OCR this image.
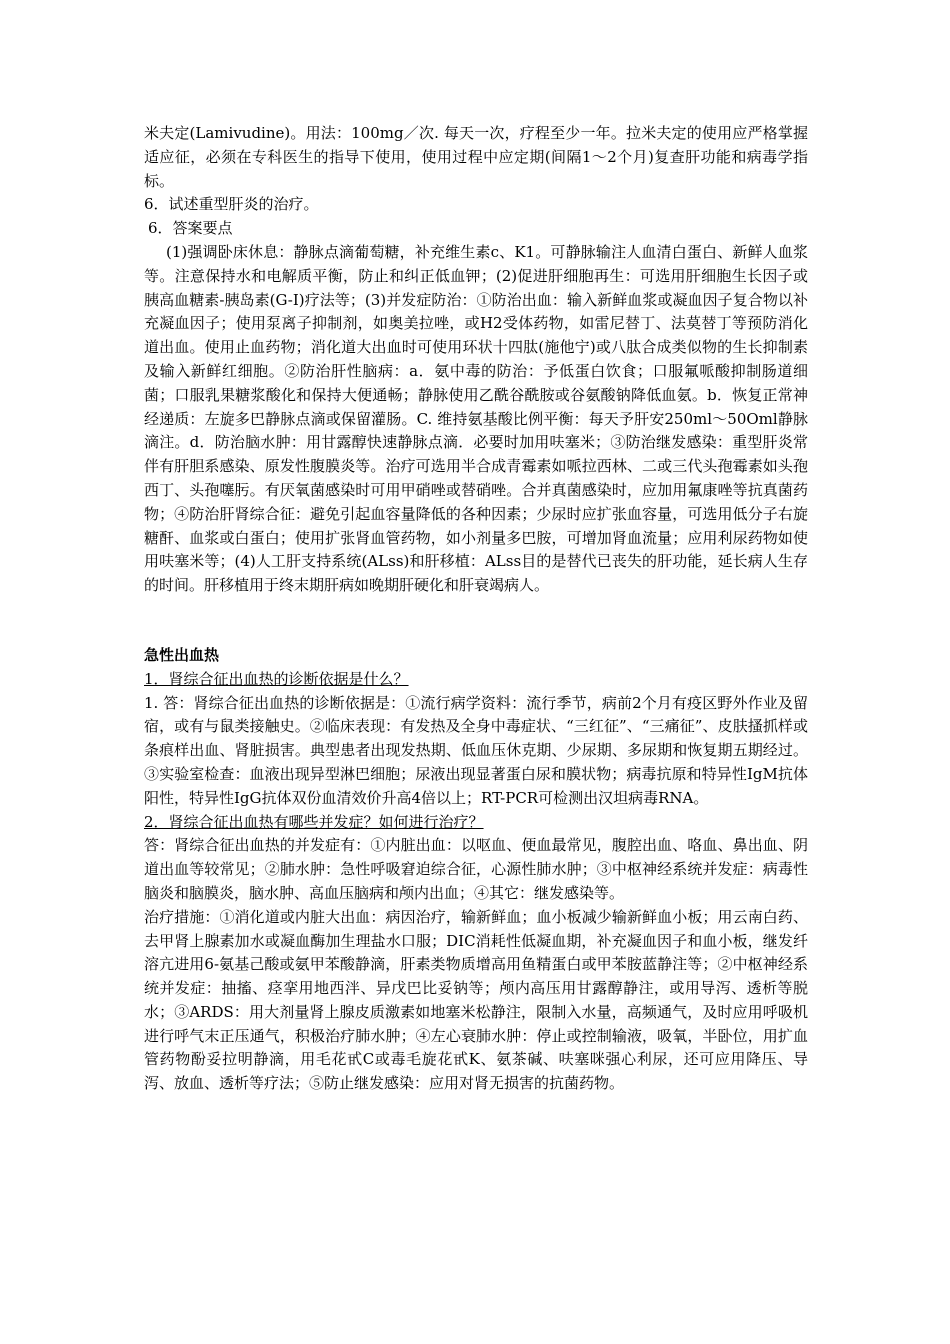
米夫定(Lamivudine)。用法：100mg／次. 每天一次，疗程至少一年。拉米夫定的使用应严格掌握适应征，必须在专科医生的指导下使用，使用过程中应定期(间隔1～2个月)复查肝功能和病毒学指标。

6．试述重型肝炎的治疗。

6．答案要点

(1)强调卧床休息：静脉点滴葡萄糖，补充维生素c、K1。可静脉输注人血清白蛋白、新鲜人血浆等。注意保持水和电解质平衡，防止和纠正低血钾；(2)促进肝细胞再生：可选用肝细胞生长因子或胰高血糖素-胰岛素(G-I)疗法等；(3)并发症防治：①防治出血：输入新鲜血浆或凝血因子复合物以补充凝血因子；使用泵离子抑制剂，如奥美拉唑，或H2受体药物，如雷尼替丁、法莫替丁等预防消化道出血。使用止血药物；消化道大出血时可使用环状十四肽(施他宁)或八肽合成类似物的生长抑制素及输入新鲜红细胞。②防治肝性脑病：a．氨中毒的防治：予低蛋白饮食；口服氟哌酸抑制肠道细菌；口服乳果糖浆酸化和保持大便通畅；静脉使用乙酰谷酰胺或谷氨酸钠降低血氨。b．恢复正常神经递质：左旋多巴静脉点滴或保留灌肠。C. 维持氨基酸比例平衡：每天予肝安250ml～50Oml静脉滴注。d．防治脑水肿：用甘露醇快速静脉点滴．必要时加用呋塞米；③防治继发感染：重型肝炎常伴有肝胆系感染、原发性腹膜炎等。治疗可选用半合成青霉素如哌拉西林、二或三代头孢霉素如头孢西丁、头孢噻肟。有厌氧菌感染时可用甲硝唑或替硝唑。合并真菌感染时，应加用氟康唑等抗真菌药物；④防治肝肾综合征：避免引起血容量降低的各种因素；少尿时应扩张血容量，可选用低分子右旋糖酐、血浆或白蛋白；使用扩张肾血管药物，如小剂量多巴胺，可增加肾血流量；应用利尿药物如使用呋塞米等；(4)人工肝支持系统(ALss)和肝移植：ALss目的是替代已丧失的肝功能，延长病人生存的时间。肝移植用于终末期肝病如晚期肝硬化和肝衰竭病人。

急性出血热

1．肾综合征出血热的诊断依据是什么？

1. 答：肾综合征出血热的诊断依据是：①流行病学资料：流行季节，病前2个月有疫区野外作业及留宿，或有与鼠类接触史。②临床表现：有发热及全身中毒症状、“三红征”、“三痛征”、皮肤搔抓样或条痕样出血、肾脏损害。典型患者出现发热期、低血压休克期、少尿期、多尿期和恢复期五期经过。③实验室检查：血液出现异型淋巴细胞；尿液出现显著蛋白尿和膜状物；病毒抗原和特异性IgM抗体阳性，特异性IgG抗体双份血清效价升高4倍以上；RT-PCR可检测出汉坦病毒RNA。

2．肾综合征出血热有哪些并发症？如何进行治疗？

答：肾综合征出血热的并发症有：①内脏出血：以呕血、便血最常见，腹腔出血、咯血、鼻出血、阴道出血等较常见；②肺水肿：急性呼吸窘迫综合征，心源性肺水肿；③中枢神经系统并发症：病毒性脑炎和脑膜炎，脑水肿、高血压脑病和颅内出血；④其它：继发感染等。

治疗措施：①消化道或内脏大出血：病因治疗，输新鲜血；血小板减少输新鲜血小板；用云南白药、去甲肾上腺素加水或凝血酶加生理盐水口服；DIC消耗性低凝血期，补充凝血因子和血小板，继发纤溶亢进用6-氨基己酸或氨甲苯酸静滴，肝素类物质增高用鱼精蛋白或甲苯胺蓝静注等；②中枢神经系统并发症：抽搐、痉挛用地西泮、异戊巴比妥钠等；颅内高压用甘露醇静注，或用导泻、透析等脱水；③ARDS：用大剂量肾上腺皮质激素如地塞米松静注，限制入水量，高频通气，及时应用呼吸机进行呼气末正压通气，积极治疗肺水肿；④左心衰肺水肿：停止或控制输液，吸氧，半卧位，用扩血管药物酚妥拉明静滴，用毛花甙C或毒毛旋花甙K、氨茶碱、呋塞咪强心利尿，还可应用降压、导泻、放血、透析等疗法；⑤防止继发感染：应用对肾无损害的抗菌药物。
